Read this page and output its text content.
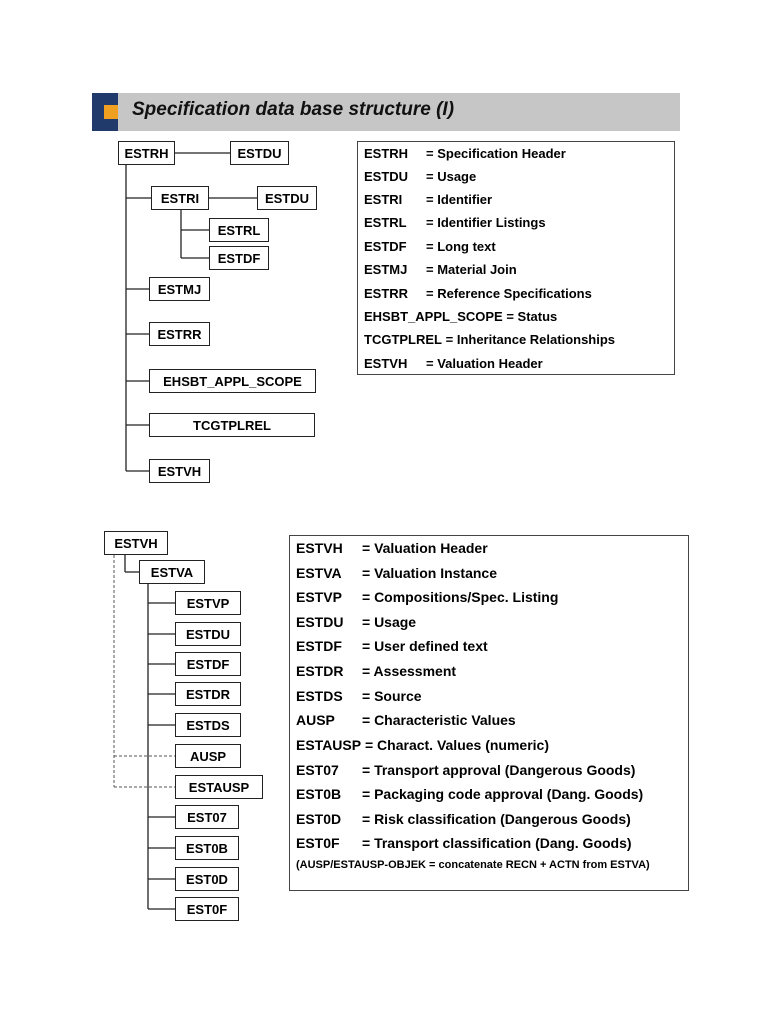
Specification data base structure (I)
ESTRH	ESTDU
ESTRI	ESTDU
ESTRL
ESTDF
ESTMJ
ESTRR
EHSBT_APPL_SCOPE
TCGTPLREL
ESTVH
ESTRH = Specification Header
ESTDU = Usage
ESTRI = Identifier
ESTRL = Identifier Listings
ESTDF = Long text
ESTMJ = Material Join
ESTRR = Reference Specifications
EHSBT_APPL_SCOPE = Status
TCGTPLREL = Inheritance Relationships
ESTVH = Valuation Header
ESTVH
ESTVA
ESTVP
ESTDU
ESTDF
ESTDR
ESTDS
AUSP
ESTAUSP
EST07
EST0B
EST0D
EST0F
ESTVH = Valuation Header
ESTVA = Valuation Instance
ESTVP = Compositions/Spec. Listing
ESTDU = Usage
ESTDF = User defined text
ESTDR = Assessment
ESTDS = Source
AUSP = Characteristic Values
ESTAUSP = Charact. Values (numeric)
EST07 = Transport approval (Dangerous Goods)
EST0B = Packaging code approval (Dang. Goods)
EST0D = Risk classification (Dangerous Goods)
EST0F = Transport classification (Dang. Goods)
(AUSP/ESTAUSP-OBJEK = concatenate RECN + ACTN from ESTVA)
